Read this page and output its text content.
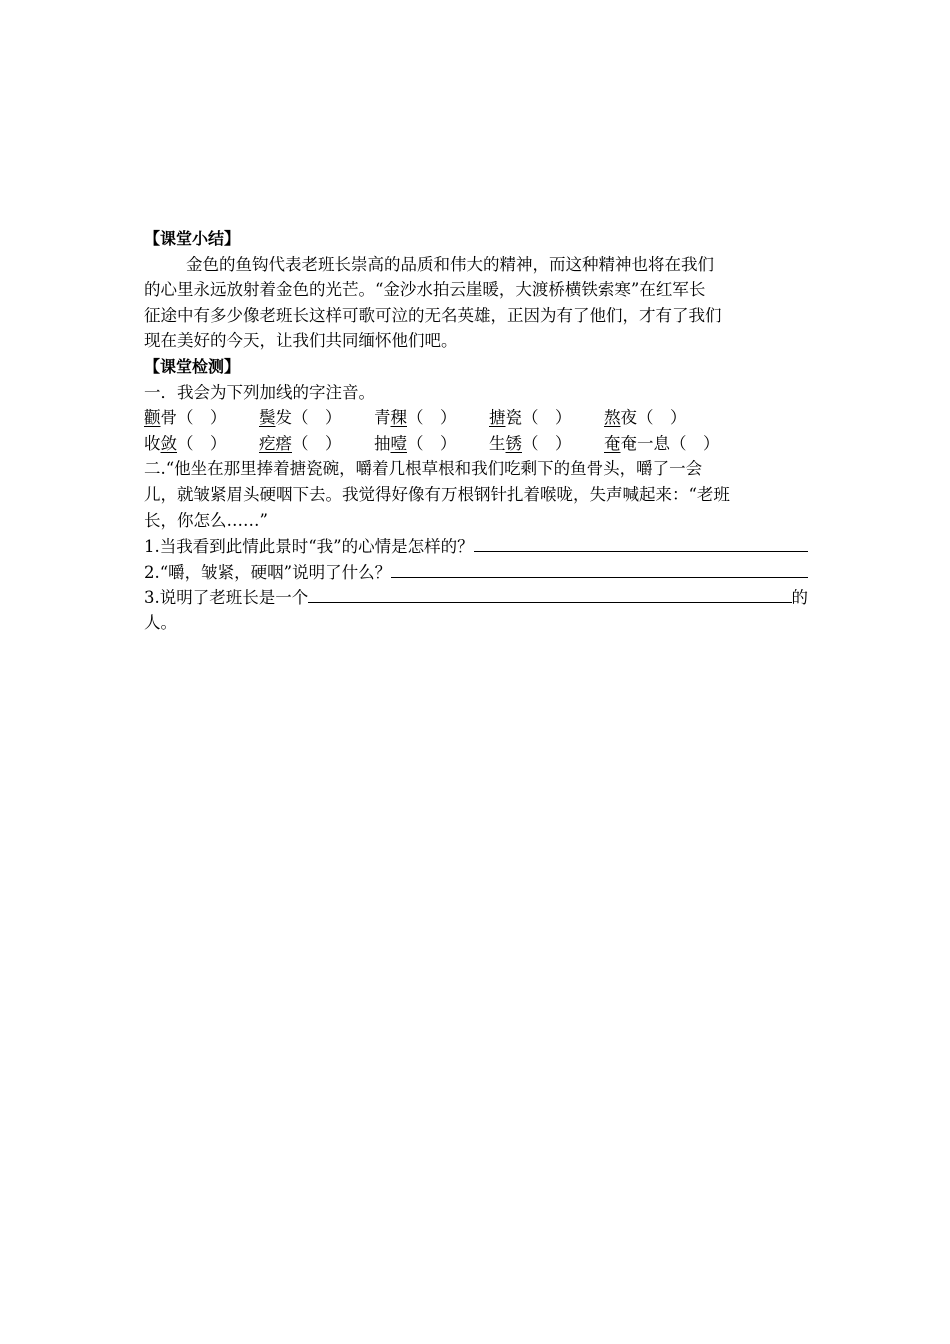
【课堂小结】
金色的鱼钩代表老班长崇高的品质和伟大的精神，而这种精神也将在我们
的心里永远放射着金色的光芒。“金沙水拍云崖暖，大渡桥横铁索寒”在红军长
征途中有多少像老班长这样可歌可泣的无名英雄，正因为有了他们，才有了我们
现在美好的今天，让我们共同缅怀他们吧。
【课堂检测】
一．我会为下列加线的字注音。
颧骨（　）	鬓发（　）	青稞（　）	搪瓷（　）	熬夜（　）
收敛（　）	疙瘩（　）	抽噎（　）	生锈（　）	奄奄一息（　）
二.“他坐在那里捧着搪瓷碗，嚼着几根草根和我们吃剩下的鱼骨头，嚼了一会
儿，就皱紧眉头硬咽下去。我觉得好像有万根钢针扎着喉咙，失声喊起来：“老班
长，你怎么……”
1.当我看到此情此景时“我”的心情是怎样的？
2.“嚼，皱紧，硬咽”说明了什么？
3.说明了老班长是一个	的
人。
